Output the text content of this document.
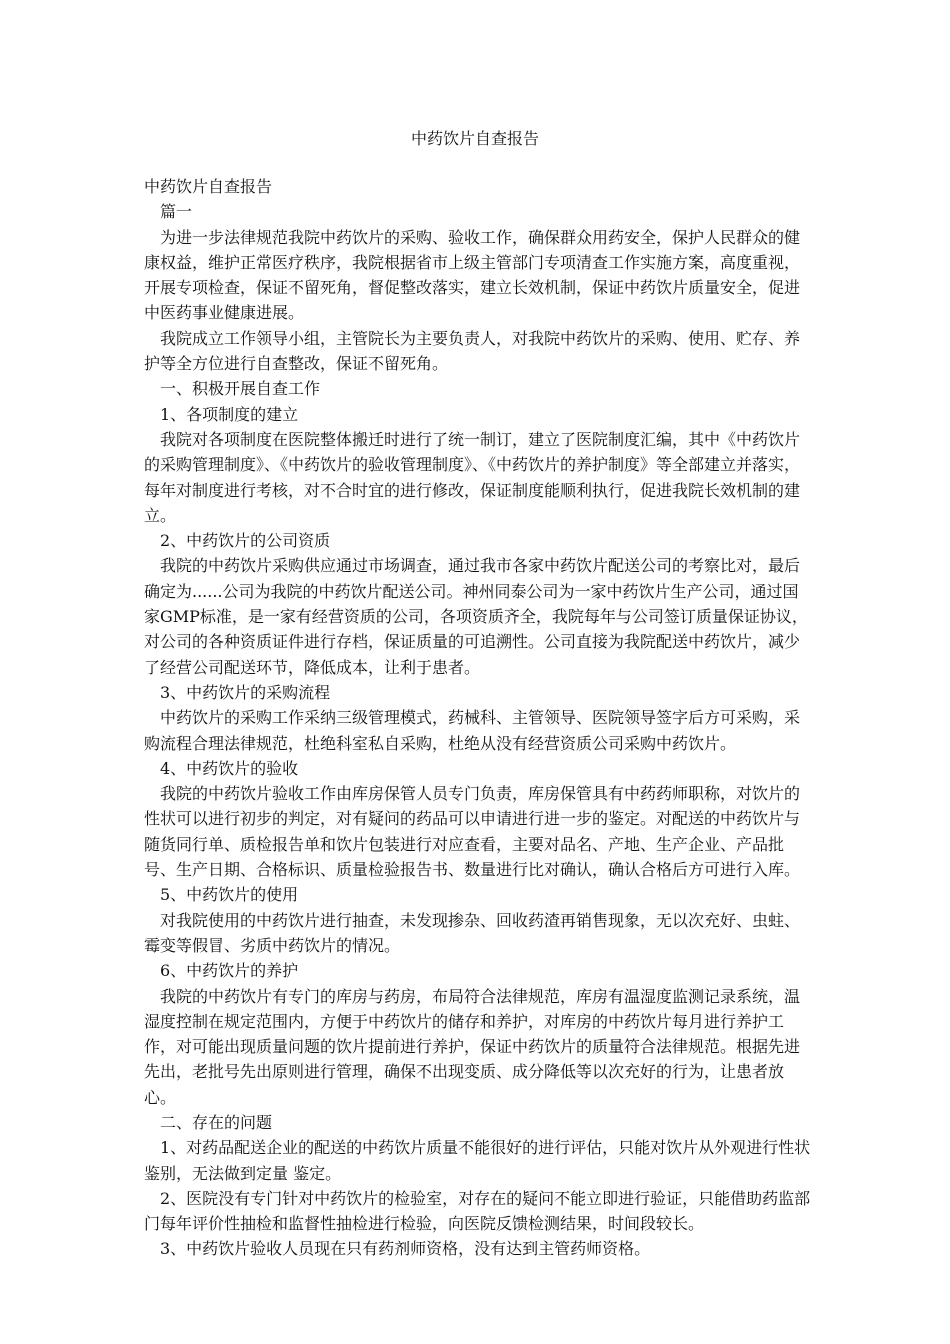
中药饮片自查报告

中药饮片自查报告

篇一

为进一步法律规范我院中药饮片的采购、验收工作，确保群众用药安全，保护人民群众的健康权益，维护正常医疗秩序，我院根据省市上级主管部门专项清查工作实施方案，高度重视，开展专项检查，保证不留死角，督促整改落实，建立长效机制，保证中药饮片质量安全，促进中医药事业健康进展。

我院成立工作领导小组，主管院长为主要负责人，对我院中药饮片的采购、使用、贮存、养护等全方位进行自查整改，保证不留死角。

一、积极开展自查工作

1、各项制度的建立

我院对各项制度在医院整体搬迁时进行了统一制订，建立了医院制度汇编，其中《中药饮片的采购管理制度》、《中药饮片的验收管理制度》、《中药饮片的养护制度》等全部建立并落实，每年对制度进行考核，对不合时宜的进行修改，保证制度能顺利执行，促进我院长效机制的建立。

2、中药饮片的公司资质

我院的中药饮片采购供应通过市场调查，通过我市各家中药饮片配送公司的考察比对，最后确定为......公司为我院的中药饮片配送公司。神州同泰公司为一家中药饮片生产公司，通过国家GMP标准，是一家有经营资质的公司，各项资质齐全，我院每年与公司签订质量保证协议，对公司的各种资质证件进行存档，保证质量的可追溯性。公司直接为我院配送中药饮片，减少了经营公司配送环节，降低成本，让利于患者。

3、中药饮片的采购流程

中药饮片的采购工作采纳三级管理模式，药械科、主管领导、医院领导签字后方可采购，采购流程合理法律规范，杜绝科室私自采购，杜绝从没有经营资质公司采购中药饮片。

4、中药饮片的验收

我院的中药饮片验收工作由库房保管人员专门负责，库房保管具有中药药师职称，对饮片的性状可以进行初步的判定，对有疑问的药品可以申请进行进一步的鉴定。对配送的中药饮片与随货同行单、质检报告单和饮片包装进行对应查看，主要对品名、产地、生产企业、产品批号、生产日期、合格标识、质量检验报告书、数量进行比对确认，确认合格后方可进行入库。

5、中药饮片的使用

对我院使用的中药饮片进行抽查，未发现掺杂、回收药渣再销售现象，无以次充好、虫蛀、霉变等假冒、劣质中药饮片的情况。

6、中药饮片的养护

我院的中药饮片有专门的库房与药房，布局符合法律规范，库房有温湿度监测记录系统，温湿度控制在规定范围内，方便于中药饮片的储存和养护，对库房的中药饮片每月进行养护工作，对可能出现质量问题的饮片提前进行养护，保证中药饮片的质量符合法律规范。根据先进先出，老批号先出原则进行管理，确保不出现变质、成分降低等以次充好的行为，让患者放心。

二、存在的问题

1、对药品配送企业的配送的中药饮片质量不能很好的进行评估，只能对饮片从外观进行性状鉴别，无法做到定量 鉴定。

2、医院没有专门针对中药饮片的检验室，对存在的疑问不能立即进行验证，只能借助药监部门每年评价性抽检和监督性抽检进行检验，向医院反馈检测结果，时间段较长。

3、中药饮片验收人员现在只有药剂师资格，没有达到主管药师资格。
